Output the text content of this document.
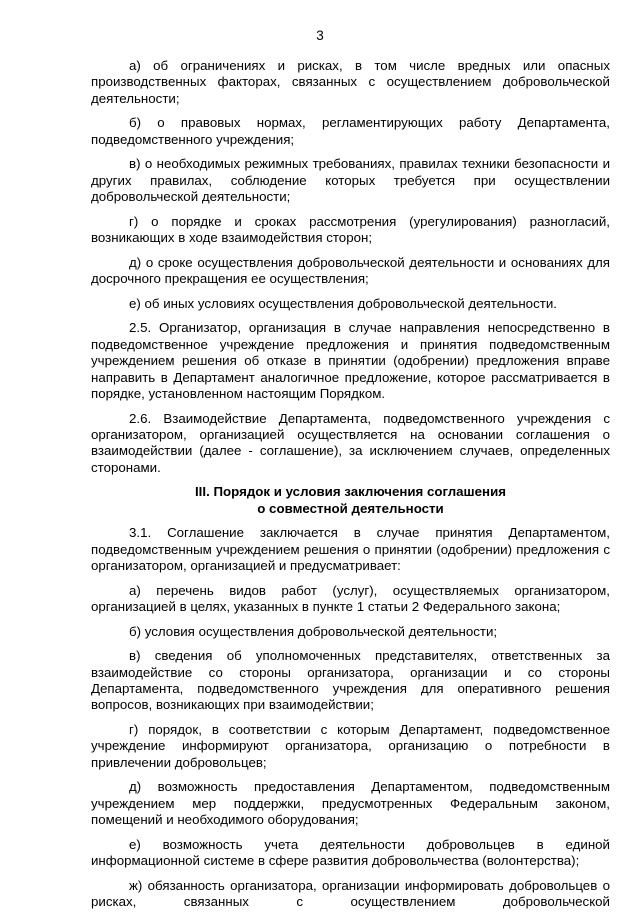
3

а) об ограничениях и рисках, в том числе вредных или опасных производственных факторах, связанных с осуществлением добровольческой деятельности;

б) о правовых нормах, регламентирующих работу Департамента, подведомственного учреждения;

в) о необходимых режимных требованиях, правилах техники безопасности и других правилах, соблюдение которых требуется при осуществлении добровольческой деятельности;

г) о порядке и сроках рассмотрения (урегулирования) разногласий, возникающих в ходе взаимодействия сторон;

д) о сроке осуществления добровольческой деятельности и основаниях для досрочного прекращения ее осуществления;

е) об иных условиях осуществления добровольческой деятельности.

2.5. Организатор, организация в случае направления непосредственно в подведомственное учреждение предложения и принятия подведомственным учреждением решения об отказе в принятии (одобрении) предложения вправе направить в Департамент аналогичное предложение, которое рассматривается в порядке, установленном настоящим Порядком.

2.6. Взаимодействие Департамента, подведомственного учреждения с организатором, организацией осуществляется на основании соглашения о взаимодействии (далее - соглашение), за исключением случаев, определенных сторонами.

III. Порядок и условия заключения соглашения
о совместной деятельности

3.1. Соглашение заключается в случае принятия Департаментом, подведомственным учреждением решения о принятии (одобрении) предложения с организатором, организацией и предусматривает:

а) перечень видов работ (услуг), осуществляемых организатором, организацией в целях, указанных в пункте 1 статьи 2 Федерального закона;

б) условия осуществления добровольческой деятельности;

в) сведения об уполномоченных представителях, ответственных за взаимодействие со стороны организатора, организации и со стороны Департамента, подведомственного учреждения для оперативного решения вопросов, возникающих при взаимодействии;

г) порядок, в соответствии с которым Департамент, подведомственное учреждение информируют организатора, организацию о потребности в привлечении добровольцев;

д) возможность предоставления Департаментом, подведомственным учреждением мер поддержки, предусмотренных Федеральным законом, помещений и необходимого оборудования;

е) возможность учета деятельности добровольцев в единой информационной системе в сфере развития добровольчества (волонтерства);

ж) обязанность организатора, организации информировать добровольцев о рисках, связанных с осуществлением добровольческой
